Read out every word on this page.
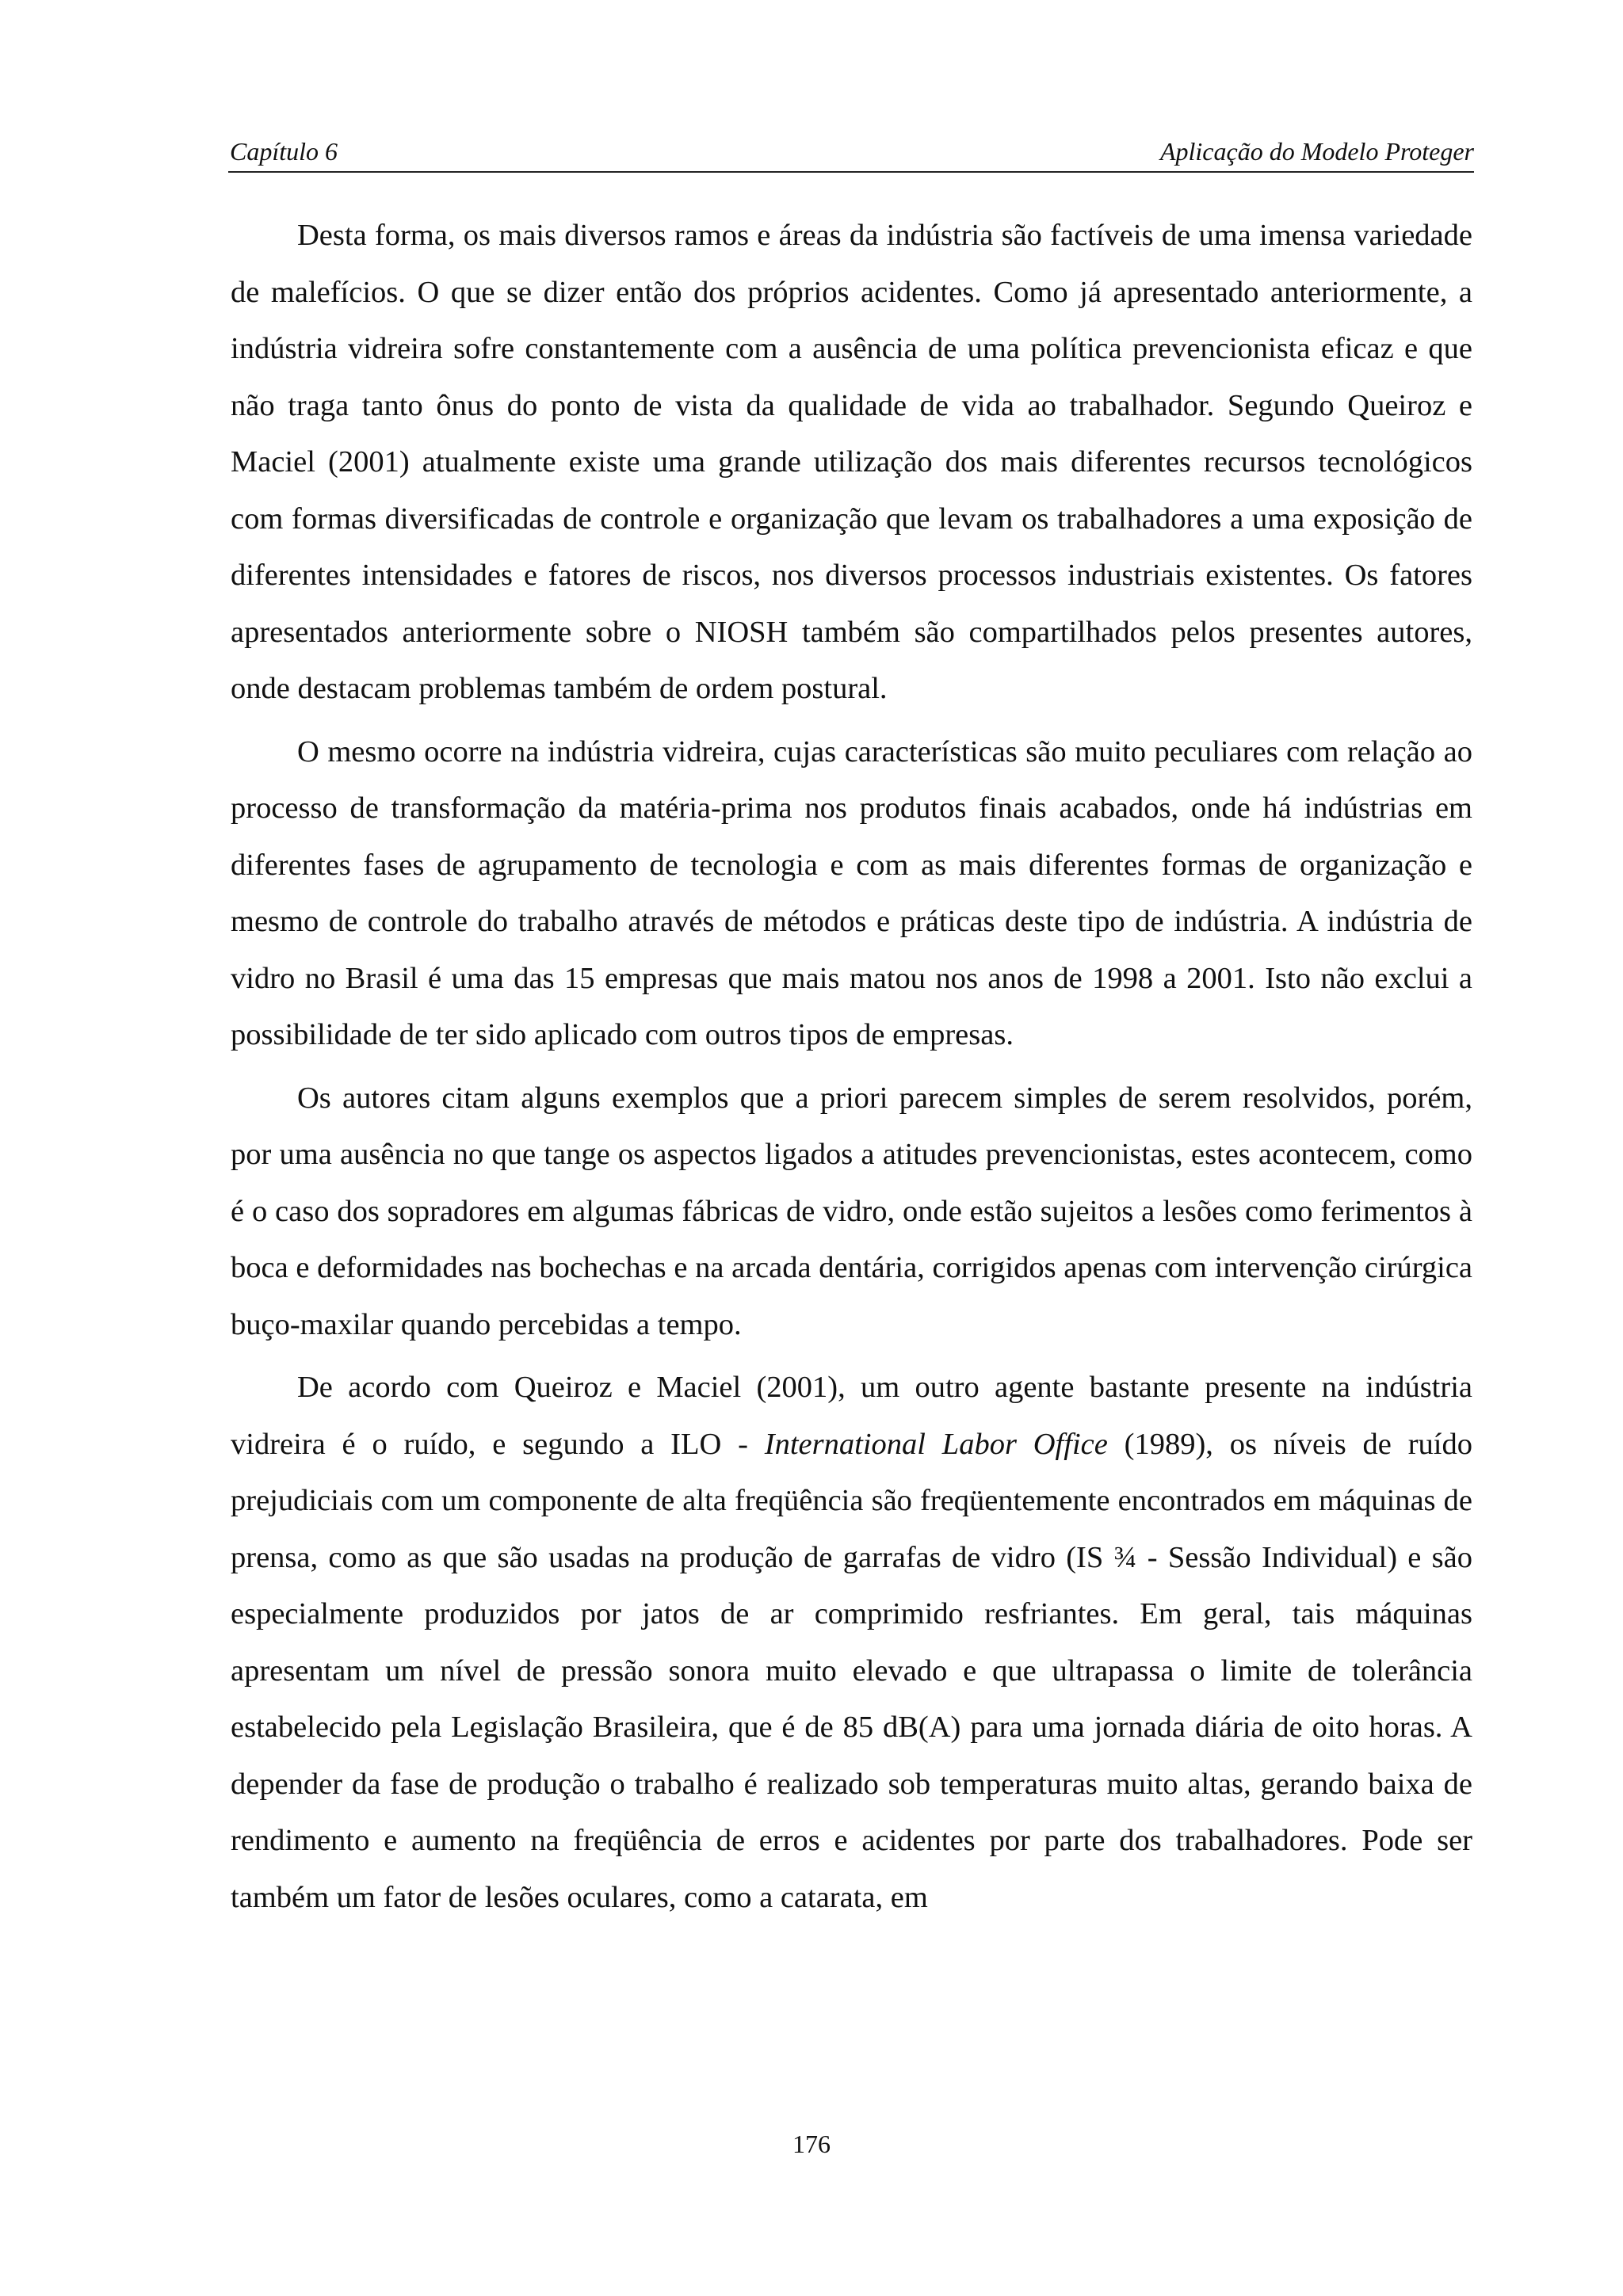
Capítulo 6	Aplicação do Modelo Proteger

Desta forma, os mais diversos ramos e áreas da indústria são factíveis de uma imensa variedade de malefícios. O que se dizer então dos próprios acidentes. Como já apresentado anteriormente, a indústria vidreira sofre constantemente com a ausência de uma política prevencionista eficaz e que não traga tanto ônus do ponto de vista da qualidade de vida ao trabalhador. Segundo Queiroz e Maciel (2001) atualmente existe uma grande utilização dos mais diferentes recursos tecnológicos com formas diversificadas de controle e organização que levam os trabalhadores a uma exposição de diferentes intensidades e fatores de riscos, nos diversos processos industriais existentes. Os fatores apresentados anteriormente sobre o NIOSH também são compartilhados pelos presentes autores, onde destacam problemas também de ordem postural.

O mesmo ocorre na indústria vidreira, cujas características são muito peculiares com relação ao processo de transformação da matéria-prima nos produtos finais acabados, onde há indústrias em diferentes fases de agrupamento de tecnologia e com as mais diferentes formas de organização e mesmo de controle do trabalho através de métodos e práticas deste tipo de indústria. A indústria de vidro no Brasil é uma das 15 empresas que mais matou nos anos de 1998 a 2001. Isto não exclui a possibilidade de ter sido aplicado com outros tipos de empresas.

Os autores citam alguns exemplos que a priori parecem simples de serem resolvidos, porém, por uma ausência no que tange os aspectos ligados a atitudes prevencionistas, estes acontecem, como é o caso dos sopradores em algumas fábricas de vidro, onde estão sujeitos a lesões como ferimentos à boca e deformidades nas bochechas e na arcada dentária, corrigidos apenas com intervenção cirúrgica buço-maxilar quando percebidas a tempo.

De acordo com Queiroz e Maciel (2001), um outro agente bastante presente na indústria vidreira é o ruído, e segundo a ILO - International Labor Office (1989), os níveis de ruído prejudiciais com um componente de alta freqüência são freqüentemente encontrados em máquinas de prensa, como as que são usadas na produção de garrafas de vidro (IS ¾ - Sessão Individual) e são especialmente produzidos por jatos de ar comprimido resfriantes. Em geral, tais máquinas apresentam um nível de pressão sonora muito elevado e que ultrapassa o limite de tolerância estabelecido pela Legislação Brasileira, que é de 85 dB(A) para uma jornada diária de oito horas. A depender da fase de produção o trabalho é realizado sob temperaturas muito altas, gerando baixa de rendimento e aumento na freqüência de erros e acidentes por parte dos trabalhadores. Pode ser também um fator de lesões oculares, como a catarata, em

176
